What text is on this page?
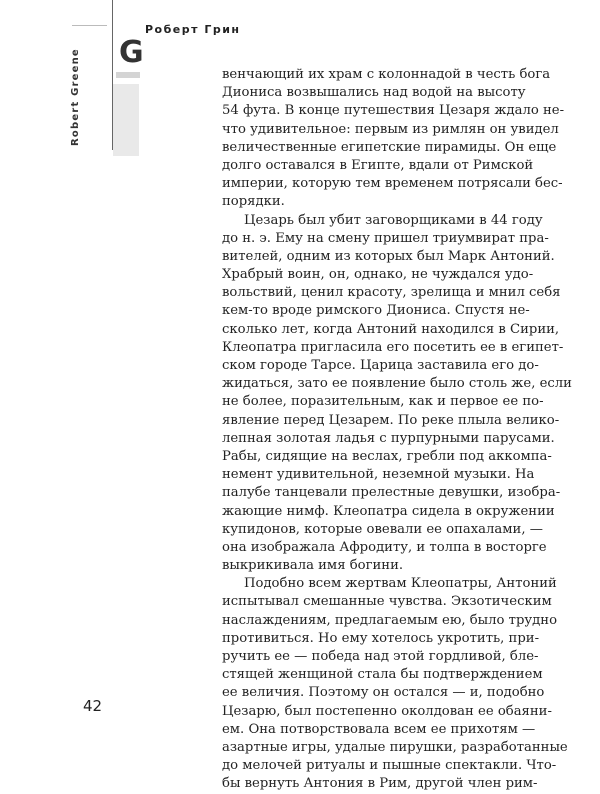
Роберт Грин
G
Robert Greene	венчающий их храм с колоннадой в честь бога
Диониса возвышались над водой на высоту
54 фута. В конце путешествия Цезаря ждало не-
что удивительное: первым из римлян он увидел
величественные египетские пирамиды. Он еще
долго оставался в Египте, вдали от Римской
империи, которую тем временем потрясали бес-
порядки.
Цезарь был убит заговорщиками в 44 году
до н. э. Ему на смену пришел триумвират пра-
вителей, одним из которых был Марк Антоний.
Храбрый воин, он, однако, не чуждался удо-
вольствий, ценил красоту, зрелища и мнил себя
кем-то вроде римского Диониса. Спустя не-
сколько лет, когда Антоний находился в Сирии,
Клеопатра пригласила его посетить ее в египет-
ском городе Тарсе. Царица заставила его до-
жидаться, зато ее появление было столь же, если
не более, поразительным, как и первое ее по-
явление перед Цезарем. По реке плыла велико-
лепная золотая ладья с пурпурными парусами.
Рабы, сидящие на веслах, гребли под аккомпа-
немент удивительной, неземной музыки. На
палубе танцевали прелестные девушки, изобра-
жающие нимф. Клеопатра сидела в окружении
купидонов, которые овевали ее опахалами, —
она изображала Афродиту, и толпа в восторге
выкрикивала имя богини.
Подобно всем жертвам Клеопатры, Антоний
испытывал смешанные чувства. Экзотическим
наслаждениям, предлагаемым ею, было трудно
противиться. Но ему хотелось укротить, при-
ручить ее — победа над этой гордливой, бле-
стящей женщиной стала бы подтверждением
ее величия. Поэтому он остался — и, подобно
Цезарю, был постепенно околдован ее обаяни-
ем. Она потворствовала всем ее прихотям —
азартные игры, удалые пирушки, разработанные
до мелочей ритуалы и пышные спектакли. Что-
бы вернуть Антония в Рим, другой член рим-
42
